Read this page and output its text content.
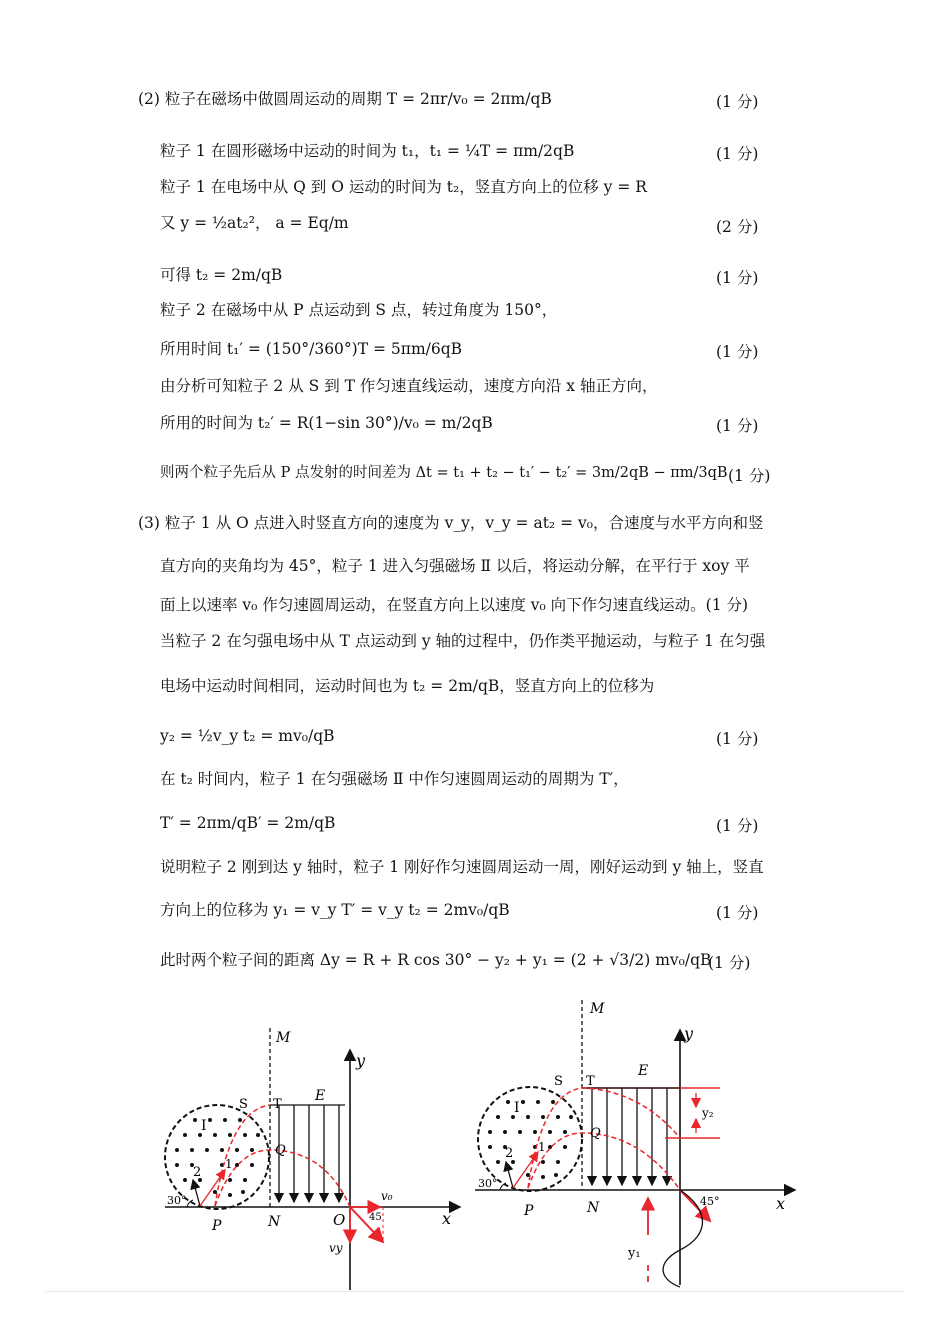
(2) 粒子在磁场中做圆周运动的周期 T = 2πr/v₀ = 2πm/qB	(1 分)
粒子 1 在圆形磁场中运动的时间为 t₁，t₁ = ¼T = πm/2qB	(1 分)
粒子 1 在电场中从 Q 到 O 运动的时间为 t₂，竖直方向上的位移 y = R
又 y = ½at₂²， a = Eq/m	(2 分)
可得 t₂ = 2m/qB	(1 分)
粒子 2 在磁场中从 P 点运动到 S 点，转过角度为 150°，
所用时间 t₁′ = (150°/360°)T = 5πm/6qB	(1 分)
由分析可知粒子 2 从 S 到 T 作匀速直线运动，速度方向沿 x 轴正方向，
所用的时间为 t₂′ = R(1−sin 30°)/v₀ = m/2qB	(1 分)
则两个粒子先后从 P 点发射的时间差为 Δt = t₁ + t₂ − t₁′ − t₂′ = 3m/2qB − πm/3qB (1 分)
(3) 粒子 1 从 O 点进入时竖直方向的速度为 v_y，v_y = at₂ = v₀，合速度与水平方向和竖
直方向的夹角均为 45°，粒子 1 进入匀强磁场 Ⅱ 以后，将运动分解，在平行于 xoy 平
面上以速率 v₀ 作匀速圆周运动，在竖直方向上以速度 v₀ 向下作匀速直线运动。(1 分)
当粒子 2 在匀强电场中从 T 点运动到 y 轴的过程中，仍作类平抛运动，与粒子 1 在匀强
电场中运动时间相同，运动时间也为 t₂ = 2m/qB，竖直方向上的位移为
y₂ = ½v_y t₂ = mv₀/qB	(1 分)
在 t₂ 时间内，粒子 1 在匀强磁场 Ⅱ 中作匀速圆周运动的周期为 T′，
T′ = 2πm/qB′ = 2m/qB	(1 分)
说明粒子 2 刚到达 y 轴时，粒子 1 刚好作匀速圆周运动一周，刚好运动到 y 轴上，竖直
方向上的位移为 y₁ = v_y T′ = v_y t₂ = 2mv₀/qB	(1 分)
此时两个粒子间的距离 Δy = R + R cos 30° − y₂ + y₁ = (2 + √3/2) mv₀/qB
(1 分)
M
y
S T
E
I
Q
2
1
30°
P	N	O	x
v₀
vy
45
M
y
S T
E
I
Q
2 1
30°
P	N	x
y₂
y₁
45°
